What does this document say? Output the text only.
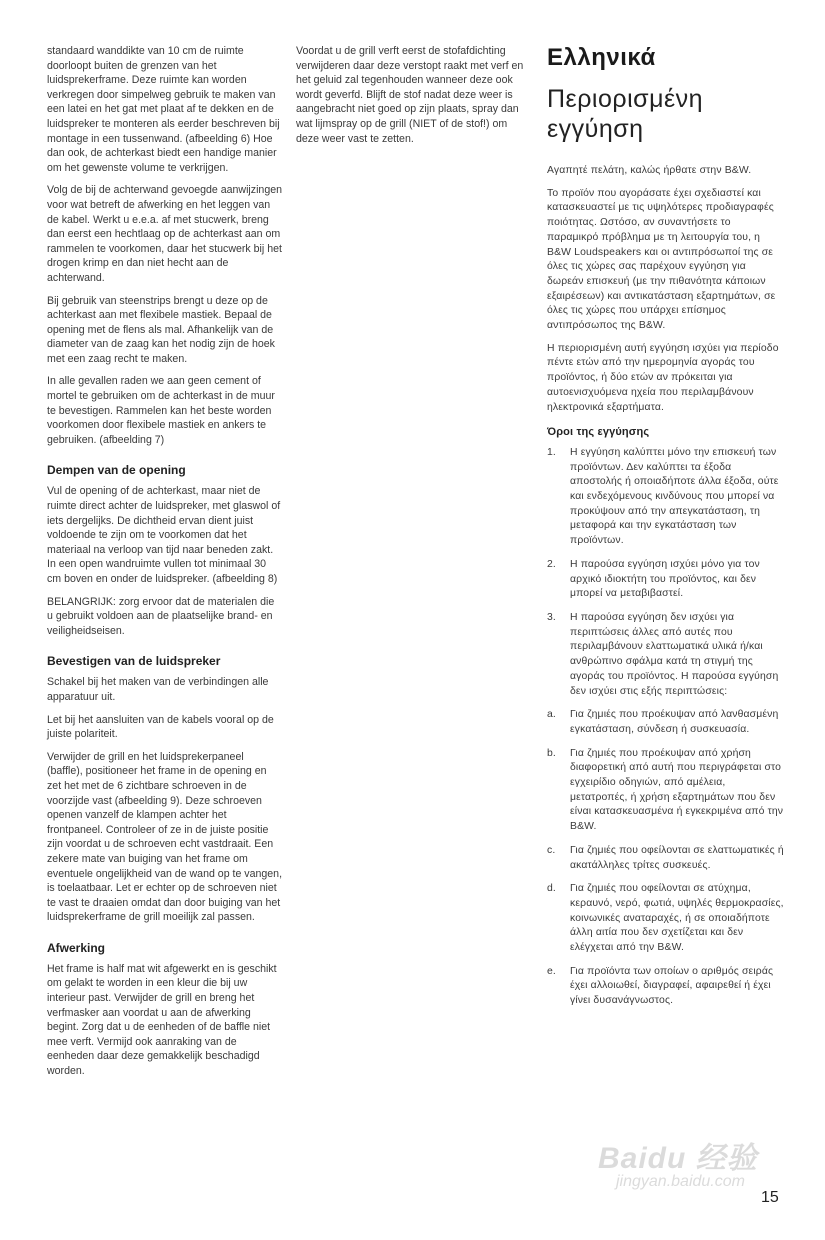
standaard wanddikte van 10 cm de ruimte doorloopt buiten de grenzen van het luidsprekerframe. Deze ruimte kan worden verkregen door simpelweg gebruik te maken van een latei en het gat met plaat af te dekken en de luidspreker te monteren als eerder beschreven bij montage in een tussenwand. (afbeelding 6) Hoe dan ook, de achterkast biedt een handige manier om het gewenste volume te verkrijgen.

Volg de bij de achterwand gevoegde aanwijzingen voor wat betreft de afwerking en het leggen van de kabel. Werkt u e.e.a. af met stucwerk, breng dan eerst een hechtlaag op de achterkast aan om rammelen te voorkomen, daar het stucwerk bij het drogen krimp en dan niet hecht aan de achterwand.

Bij gebruik van steenstrips brengt u deze op de achterkast aan met flexibele mastiek. Bepaal de opening met de flens als mal. Afhankelijk van de diameter van de zaag kan het nodig zijn de hoek met een zaag recht te maken.

In alle gevallen raden we aan geen cement of mortel te gebruiken om de achterkast in de muur te bevestigen. Rammelen kan het beste worden voorkomen door flexibele mastiek en ankers te gebruiken. (afbeelding 7)

Dempen van de opening

Vul de opening of de achterkast, maar niet de ruimte direct achter de luidspreker, met glaswol of iets dergelijks. De dichtheid ervan dient juist voldoende te zijn om te voorkomen dat het materiaal na verloop van tijd naar beneden zakt. In een open wandruimte vullen tot minimaal 30 cm boven en onder de luidspreker. (afbeelding 8)

BELANGRIJK: zorg ervoor dat de materialen die u gebruikt voldoen aan de plaatselijke brand- en veiligheidseisen.

Bevestigen van de luidspreker

Schakel bij het maken van de verbindingen alle apparatuur uit.

Let bij het aansluiten van de kabels vooral op de juiste polariteit.

Verwijder de grill en het luidsprekerpaneel (baffle), positioneer het frame in de opening en zet het met de 6 zichtbare schroeven in de voorzijde vast (afbeelding 9). Deze schroeven openen vanzelf de klampen achter het frontpaneel. Controleer of ze in de juiste positie zijn voordat u de schroeven echt vastdraait. Een zekere mate van buiging van het frame om eventuele ongelijkheid van de wand op te vangen, is toelaatbaar. Let er echter op de schroeven niet te vast te draaien omdat dan door buiging van het luidsprekerframe de grill moeilijk zal passen.

Afwerking

Het frame is half mat wit afgewerkt en is geschikt om gelakt te worden in een kleur die bij uw interieur past. Verwijder de grill en breng het verfmasker aan voordat u aan de afwerking begint. Zorg dat u de eenheden of de baffle niet mee verft. Vermijd ook aanraking van de eenheden daar deze gemakkelijk beschadigd worden.

Voordat u de grill verft eerst de stofafdichting verwijderen daar deze verstopt raakt met verf en het geluid zal tegenhouden wanneer deze ook wordt geverfd. Blijft de stof nadat deze weer is aangebracht niet goed op zijn plaats, spray dan wat lijmspray op de grill (NIET of de stof!) om deze weer vast te zetten.

Ελληνικά
Περιορισμένη εγγύηση

Αγαπητέ πελάτη, καλώς ήρθατε στην B&W.

Το προϊόν που αγοράσατε έχει σχεδιαστεί και κατασκευαστεί με τις υψηλότερες προδιαγραφές ποιότητας. Ωστόσο, αν συναντήσετε το παραμικρό πρόβλημα με τη λειτουργία του, η B&W Loudspeakers και οι αντιπρόσωποί της σε όλες τις χώρες σας παρέχουν εγγύηση για δωρεάν επισκευή (με την πιθανότητα κάποιων εξαιρέσεων) και αντικατάσταση εξαρτημάτων, σε όλες τις χώρες που υπάρχει επίσημος αντιπρόσωπος της B&W.

Η περιορισμένη αυτή εγγύηση ισχύει για περίοδο πέντε ετών από την ημερομηνία αγοράς του προϊόντος, ή δύο ετών αν πρόκειται για αυτοενισχυόμενα ηχεία που περιλαμβάνουν ηλεκτρονικά εξαρτήματα.

Όροι της εγγύησης
1. Η εγγύηση καλύπτει μόνο την επισκευή των προϊόντων. Δεν καλύπτει τα έξοδα αποστολής ή οποιαδήποτε άλλα έξοδα, ούτε και ενδεχόμενους κινδύνους που μπορεί να προκύψουν από την απεγκατάσταση, τη μεταφορά και την εγκατάσταση των προϊόντων.
2. Η παρούσα εγγύηση ισχύει μόνο για τον αρχικό ιδιοκτήτη του προϊόντος, και δεν μπορεί να μεταβιβαστεί.
3. Η παρούσα εγγύηση δεν ισχύει για περιπτώσεις άλλες από αυτές που περιλαμβάνουν ελαττωματικά υλικά ή/και ανθρώπινο σφάλμα κατά τη στιγμή της αγοράς του προϊόντος. Η παρούσα εγγύηση δεν ισχύει στις εξής περιπτώσεις:
a. Για ζημιές που προέκυψαν από λανθασμένη εγκατάσταση, σύνδεση ή συσκευασία.
b. Για ζημιές που προέκυψαν από χρήση διαφορετική από αυτή που περιγράφεται στο εγχειρίδιο οδηγιών, από αμέλεια, μετατροπές, ή χρήση εξαρτημάτων που δεν είναι κατασκευασμένα ή εγκεκριμένα από την B&W.
c. Για ζημιές που οφείλονται σε ελαττωματικές ή ακατάλληλες τρίτες συσκευές.
d. Για ζημιές που οφείλονται σε ατύχημα, κεραυνό, νερό, φωτιά, υψηλές θερμοκρασίες, κοινωνικές αναταραχές, ή σε οποιαδήποτε άλλη αιτία που δεν σχετίζεται και δεν ελέγχεται από την B&W.
e. Για προϊόντα των οποίων ο αριθμός σειράς έχει αλλοιωθεί, διαγραφεί, αφαιρεθεί ή έχει γίνει δυσανάγνωστος.
Baidu 经验
jingyan.baidu.com
15
